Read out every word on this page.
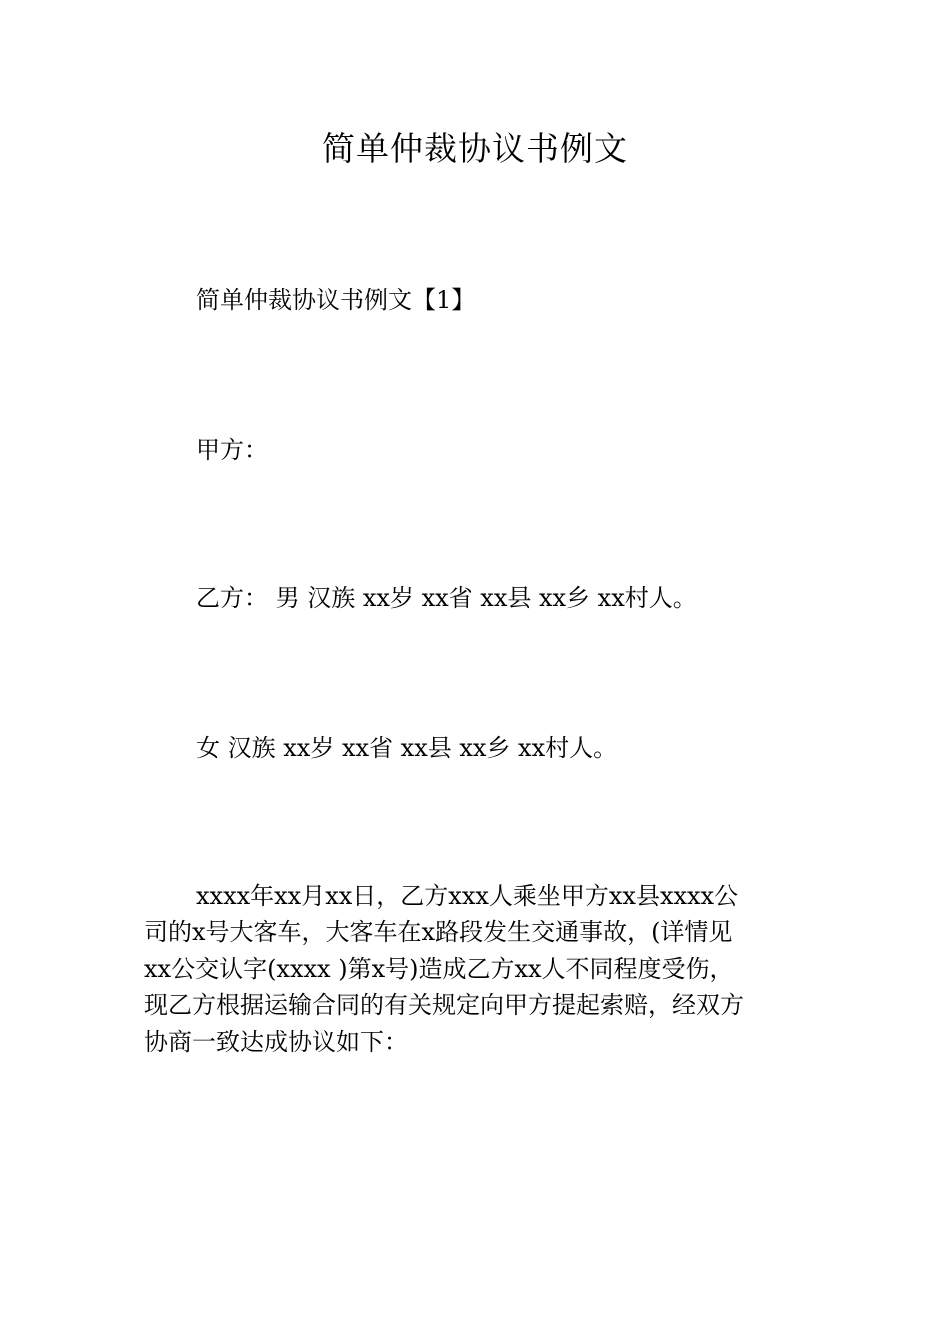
简单仲裁协议书例文
简单仲裁协议书例文【1】
甲方：
乙方： 男 汉族 xx岁 xx省 xx县 xx乡 xx村人。
女 汉族 xx岁 xx省 xx县 xx乡 xx村人。
xxxx年xx月xx日，乙方xxx人乘坐甲方xx县xxxx公
司的x号大客车，大客车在x路段发生交通事故，(详情见
xx公交认字(xxxx )第x号)造成乙方xx人不同程度受伤，
现乙方根据运输合同的有关规定向甲方提起索赔，经双方
协商一致达成协议如下：
